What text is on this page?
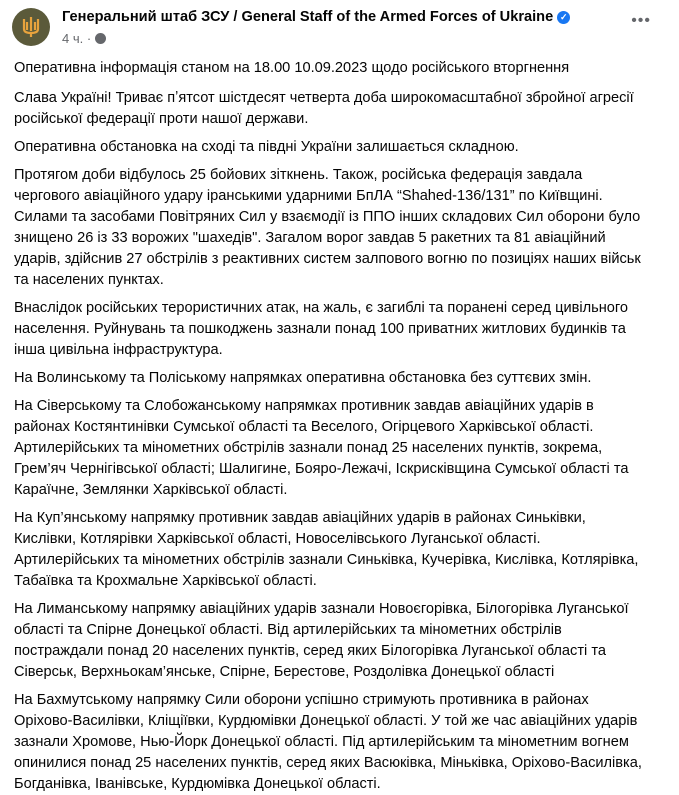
Генеральний штаб ЗСУ / General Staff of the Armed Forces of Ukraine ✓
4 ч. ·
•••
Оперативна інформація станом на 18.00 10.09.2023 щодо російського вторгнення
Слава Україні! Триває пʼятсот шістдесят четверта доба широкомасштабної збройної агресії
російської федерації проти нашої держави.
Оперативна обстановка на сході та півдні України залишається складною.
Протягом доби відбулось 25 бойових зіткнень. Також, російська федерація завдала
чергового авіаційного удару іранськими ударними БпЛА “Shahed-136/131” по Київщині.
Силами та засобами Повітряних Сил у взаємодії із ППО інших складових Сил оборони було
знищено 26 із 33 ворожих "шахедів". Загалом ворог завдав 5 ракетних та 81 авіаційний
ударів, здійснив 27 обстрілів з реактивних систем залпового вогню по позиціях наших військ
та населених пунктах.
Внаслідок російських терористичних атак, на жаль, є загиблі та поранені серед цивільного
населення. Руйнувань та пошкоджень зазнали понад 100 приватних житлових будинків та
інша цивільна інфраструктура.
На Волинському та Поліському напрямках оперативна обстановка без суттєвих змін.
На Сіверському та Слобожанському напрямках противник завдав авіаційних ударів в
районах Костянтинівки Сумської області та Веселого, Огірцевого Харківської області.
Артилерійських та мінометних обстрілів зазнали понад 25 населених пунктів, зокрема,
Грем’яч Чернігівської області; Шалигине, Бояро-Лежачі, Іскрисківщина Сумської області та
Караїчне, Землянки Харківської області.
На Куп’янському напрямку противник завдав авіаційних ударів в районах Синьківки,
Кислівки, Котлярівки Харківської області, Новоселівського Луганської області.
Артилерійських та мінометних обстрілів зазнали Синьківка, Кучерівка, Кислівка, Котлярівка,
Табаївка та Крохмальне Харківської області.
На Лиманському напрямку авіаційних ударів зазнали Новоєгорівка, Білогорівка Луганської
області та Спірне Донецької області. Від артилерійських та мінометних обстрілів
постраждали понад 20 населених пунктів, серед яких Білогорівка Луганської області та
Сіверськ, Верхньокам’янське, Спірне, Берестове, Роздолівка Донецької області
На Бахмутському напрямку Сили оборони успішно стримують противника в районах
Оріхово-Василівки, Кліщіївки, Курдюмівки Донецької області. У той же час авіаційних ударів
зазнали Хромове, Нью-Йорк Донецької області. Під артилерійським та мінометним вогнем
опинилися понад 25 населених пунктів, серед яких Васюківка, Міньківка, Оріхово-Василівка,
Богданівка, Іванівське, Курдюмівка Донецької області.
